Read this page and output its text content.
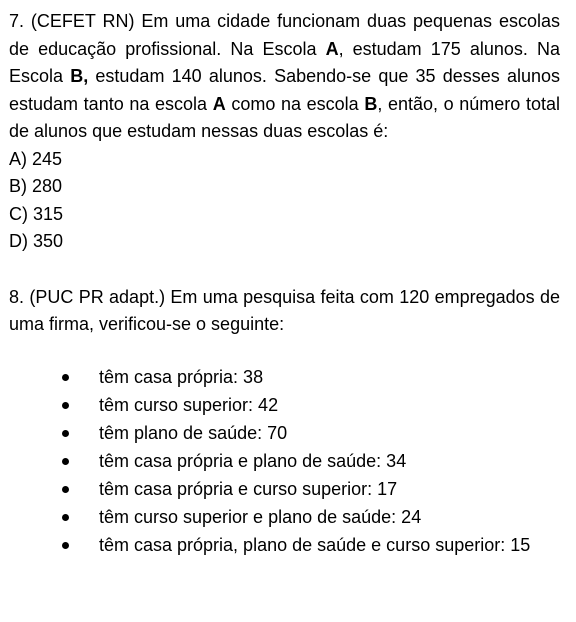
7. (CEFET RN) Em uma cidade funcionam duas pequenas escolas de educação profissional. Na Escola A, estudam 175 alunos. Na Escola B, estudam 140 alunos. Sabendo-se que 35 desses alunos estudam tanto na escola A como na escola B, então, o número total de alunos que estudam nessas duas escolas é:

A) 245
B) 280
C) 315
D) 350

8. (PUC PR adapt.) Em uma pesquisa feita com 120 empregados de uma firma, verificou-se o seguinte:

têm casa própria: 38
têm curso superior: 42
têm plano de saúde: 70
têm casa própria e plano de saúde: 34
têm casa própria e curso superior: 17
têm curso superior e plano de saúde: 24
têm casa própria, plano de saúde e curso superior: 15
